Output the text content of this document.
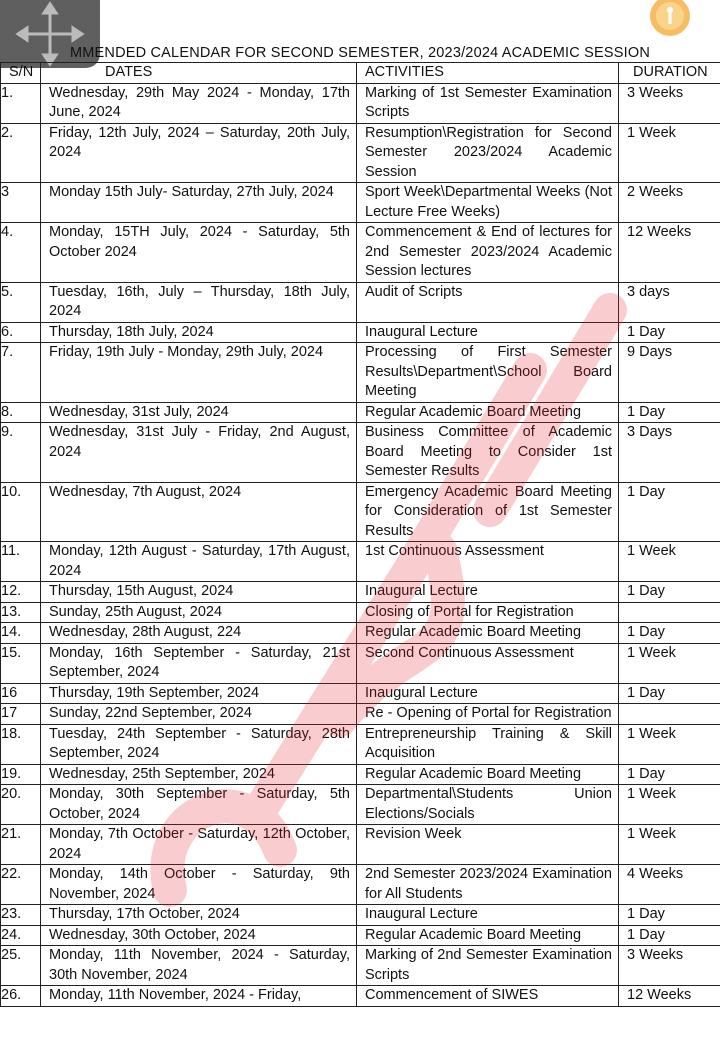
MMENDED CALENDAR FOR SECOND SEMESTER, 2023/2024 ACADEMIC SESSION
S/N	DATES	ACTIVITIES	DURATION
1.	Wednesday, 29th May 2024 - Monday, 17th June, 2024	Marking of 1st Semester Examination Scripts	3 Weeks
2.	Friday, 12th July, 2024 – Saturday, 20th July, 2024	Resumption\Registration for Second Semester 2023/2024 Academic Session	1 Week
3	Monday 15th July- Saturday, 27th July, 2024	Sport Week\Departmental Weeks (Not Lecture Free Weeks)	2 Weeks
4.	Monday, 15TH July, 2024 - Saturday, 5th October 2024	Commencement & End of lectures for 2nd Semester 2023/2024 Academic Session lectures	12 Weeks
5.	Tuesday, 16th, July – Thursday, 18th July, 2024	Audit of Scripts	3 days
6.	Thursday, 18th July, 2024	Inaugural Lecture	1 Day
7.	Friday, 19th July - Monday, 29th July, 2024	Processing of First Semester Results\Department\School Board Meeting	9 Days
8.	Wednesday, 31st July, 2024	Regular Academic Board Meeting	1 Day
9.	Wednesday, 31st July - Friday, 2nd August, 2024	Business Committee of Academic Board Meeting to Consider 1st Semester Results	3 Days
10.	Wednesday, 7th August, 2024	Emergency Academic Board Meeting for Consideration of 1st Semester Results	1 Day
11.	Monday, 12th August - Saturday, 17th August, 2024	1st Continuous Assessment	1 Week
12.	Thursday, 15th August, 2024	Inaugural Lecture	1 Day
13.	Sunday, 25th August, 2024	Closing of Portal for Registration	
14.	Wednesday, 28th August, 224	Regular Academic Board Meeting	1 Day
15.	Monday, 16th September - Saturday, 21st September, 2024	Second Continuous Assessment	1 Week
16	Thursday, 19th September, 2024	Inaugural Lecture	1 Day
17	Sunday, 22nd September, 2024	Re - Opening of Portal for Registration	
18.	Tuesday, 24th September - Saturday, 28th September, 2024	Entrepreneurship Training & Skill Acquisition	1 Week
19.	Wednesday, 25th September, 2024	Regular Academic Board Meeting	1 Day
20.	Monday, 30th September - Saturday, 5th October, 2024	Departmental\Students Union Elections/Socials	1 Week
21.	Monday, 7th October - Saturday, 12th October, 2024	Revision Week	1 Week
22.	Monday, 14th October - Saturday, 9th November, 2024	2nd Semester 2023/2024 Examination for All Students	4 Weeks
23.	Thursday, 17th October, 2024	Inaugural Lecture	1 Day
24.	Wednesday, 30th October, 2024	Regular Academic Board Meeting	1 Day
25.	Monday, 11th November, 2024 - Saturday, 30th November, 2024	Marking of 2nd Semester Examination Scripts	3 Weeks
26.	Monday, 11th November, 2024 - Friday,	Commencement of SIWES	12 Weeks
